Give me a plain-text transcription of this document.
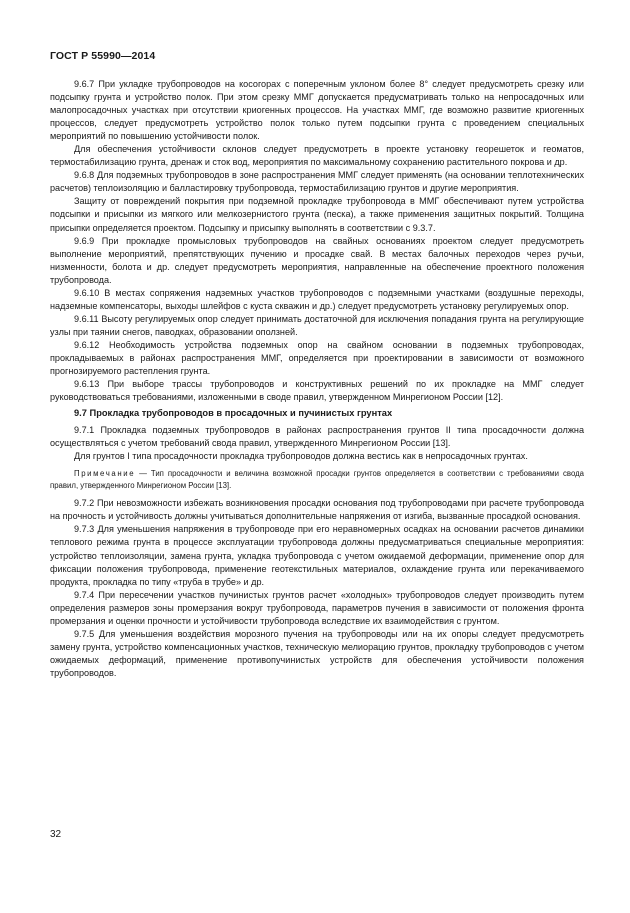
ГОСТ Р 55990—2014

9.6.7 При укладке трубопроводов на косогорах с поперечным уклоном более 8° следует предусмотреть срезку или подсыпку грунта и устройство полок. При этом срезку ММГ допускается предусматривать только на непросадочных или малопросадочных участках при отсутствии криогенных процессов. На участках ММГ, где возможно развитие криогенных процессов, следует предусмотреть устройство полок только путем подсыпки грунта с проведением специальных мероприятий по повышению устойчивости полок.

Для обеспечения устойчивости склонов следует предусмотреть в проекте установку георешеток и геоматов, термостабилизацию грунта, дренаж и сток вод, мероприятия по максимальному сохранению растительного покрова и др.

9.6.8 Для подземных трубопроводов в зоне распространения ММГ следует применять (на основании теплотехнических расчетов) теплоизоляцию и балластировку трубопровода, термостабилизацию грунтов и другие мероприятия.

Защиту от повреждений покрытия при подземной прокладке трубопровода в ММГ обеспечивают путем устройства подсыпки и присыпки из мягкого или мелкозернистого грунта (песка), а также применения защитных покрытий. Толщина присыпки определяется проектом. Подсыпку и присыпку выполнять в соответствии с 9.3.7.

9.6.9 При прокладке промысловых трубопроводов на свайных основаниях проектом следует предусмотреть выполнение мероприятий, препятствующих пучению и просадке свай. В местах балочных переходов через ручьи, низменности, болота и др. следует предусмотреть мероприятия, направленные на обеспечение проектного положения трубопровода.

9.6.10 В местах сопряжения надземных участков трубопроводов с подземными участками (воздушные переходы, надземные компенсаторы, выходы шлейфов с куста скважин и др.) следует предусмотреть установку регулируемых опор.

9.6.11 Высоту регулируемых опор следует принимать достаточной для исключения попадания грунта на регулирующие узлы при таянии снегов, паводках, образовании оползней.

9.6.12 Необходимость устройства подземных опор на свайном основании в подземных трубопроводах, прокладываемых в районах распространения ММГ, определяется при проектировании в зависимости от возможного прогнозируемого растепления грунта.

9.6.13 При выборе трассы трубопроводов и конструктивных решений по их прокладке на ММГ следует руководствоваться требованиями, изложенными в своде правил, утвержденном Минрегионом России [12].

9.7 Прокладка трубопроводов в просадочных и пучинистых грунтах

9.7.1 Прокладка подземных трубопроводов в районах распространения грунтов II типа просадочности должна осуществляться с учетом требований свода правил, утвержденного Минрегионом России [13].

Для грунтов I типа просадочности прокладка трубопроводов должна вестись как в непросадочных грунтах.

Примечание — Тип просадочности и величина возможной просадки грунтов определяется в соответствии с требованиями свода правил, утвержденного Минрегионом России [13].

9.7.2 При невозможности избежать возникновения просадки основания под трубопроводами при расчете трубопровода на прочность и устойчивость должны учитываться дополнительные напряжения от изгиба, вызванные просадкой основания.

9.7.3 Для уменьшения напряжения в трубопроводе при его неравномерных осадках на основании расчетов динамики теплового режима грунта в процессе эксплуатации трубопровода должны предусматриваться специальные мероприятия: устройство теплоизоляции, замена грунта, укладка трубопровода с учетом ожидаемой деформации, применение опор для фиксации положения трубопровода, применение геотекстильных материалов, охлаждение грунта или перекачиваемого продукта, прокладка по типу «труба в трубе» и др.

9.7.4 При пересечении участков пучинистых грунтов расчет «холодных» трубопроводов следует производить путем определения размеров зоны промерзания вокруг трубопровода, параметров пучения в зависимости от положения фронта промерзания и оценки прочности и устойчивости трубопровода вследствие их взаимодействия с грунтом.

9.7.5 Для уменьшения воздействия морозного пучения на трубопроводы или на их опоры следует предусмотреть замену грунта, устройство компенсационных участков, техническую мелиорацию грунтов, прокладку трубопроводов с учетом ожидаемых деформаций, применение противопучинистых устройств для обеспечения устойчивости положения трубопроводов.

32
